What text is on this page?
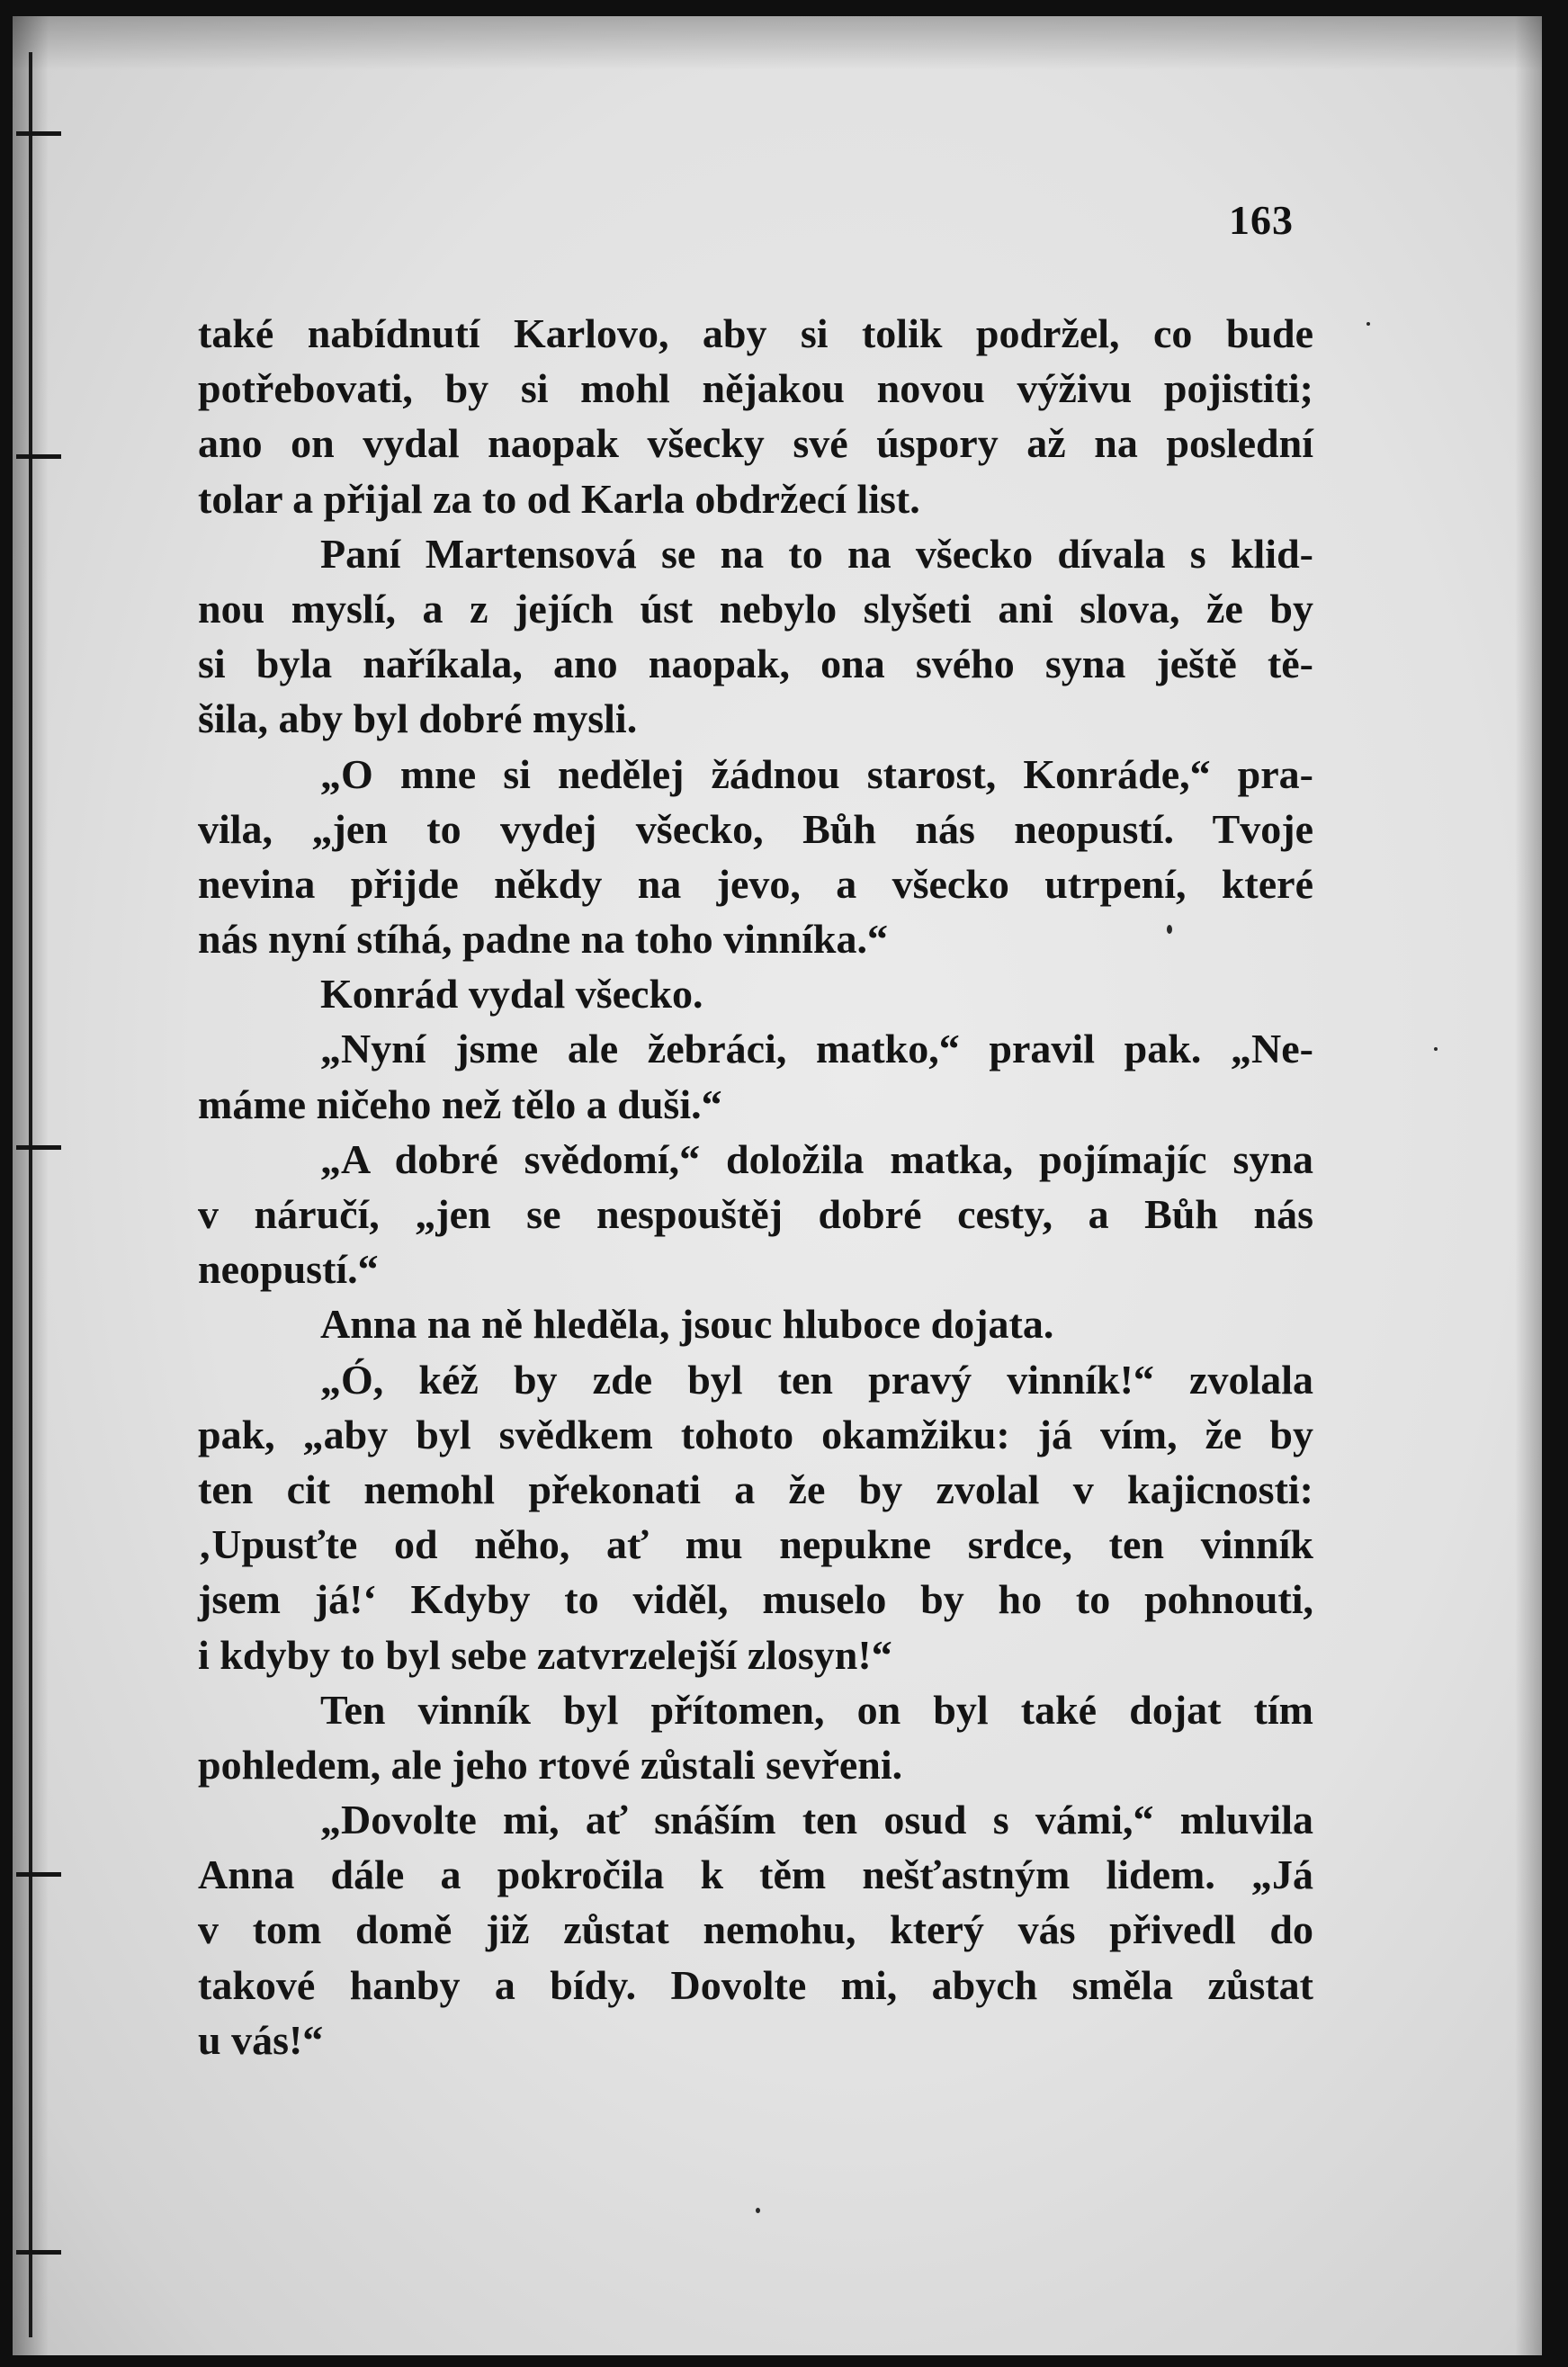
163
také nabídnutí Karlovo, aby si tolik podržel, co bude
potřebovati, by si mohl nějakou novou výživu pojistiti;
ano on vydal naopak všecky své úspory až na poslední
tolar a přijal za to od Karla obdržecí list.
Paní Martensová se na to na všecko dívala s klid-
nou myslí, a z jejích úst nebylo slyšeti ani slova, že by
si byla naříkala, ano naopak, ona svého syna ještě tě-
šila, aby byl dobré mysli.
„O mne si nedělej žádnou starost, Konráde,“ pra-
vila, „jen to vydej všecko, Bůh nás neopustí. Tvoje
nevina přijde někdy na jevo, a všecko utrpení, které
nás nyní stíhá, padne na toho vinníka.“
Konrád vydal všecko.
„Nyní jsme ale žebráci, matko,“ pravil pak. „Ne-
máme ničeho než tělo a duši.“
„A dobré svědomí,“ doložila matka, pojímajíc syna
v náručí, „jen se nespouštěj dobré cesty, a Bůh nás
neopustí.“
Anna na ně hleděla, jsouc hluboce dojata.
„Ó, kéž by zde byl ten pravý vinník!“ zvolala
pak, „aby byl svědkem tohoto okamžiku: já vím, že by
ten cit nemohl překonati a že by zvolal v kajicnosti:
‚Upusťte od něho, ať mu nepukne srdce, ten vinník
jsem já!‘ Kdyby to viděl, muselo by ho to pohnouti,
i kdyby to byl sebe zatvrzelejší zlosyn!“
Ten vinník byl přítomen, on byl také dojat tím
pohledem, ale jeho rtové zůstali sevřeni.
„Dovolte mi, ať snáším ten osud s vámi,“ mluvila
Anna dále a pokročila k těm nešťastným lidem. „Já
v tom domě již zůstat nemohu, který vás přivedl do
takové hanby a bídy. Dovolte mi, abych směla zůstat
u vás!“
